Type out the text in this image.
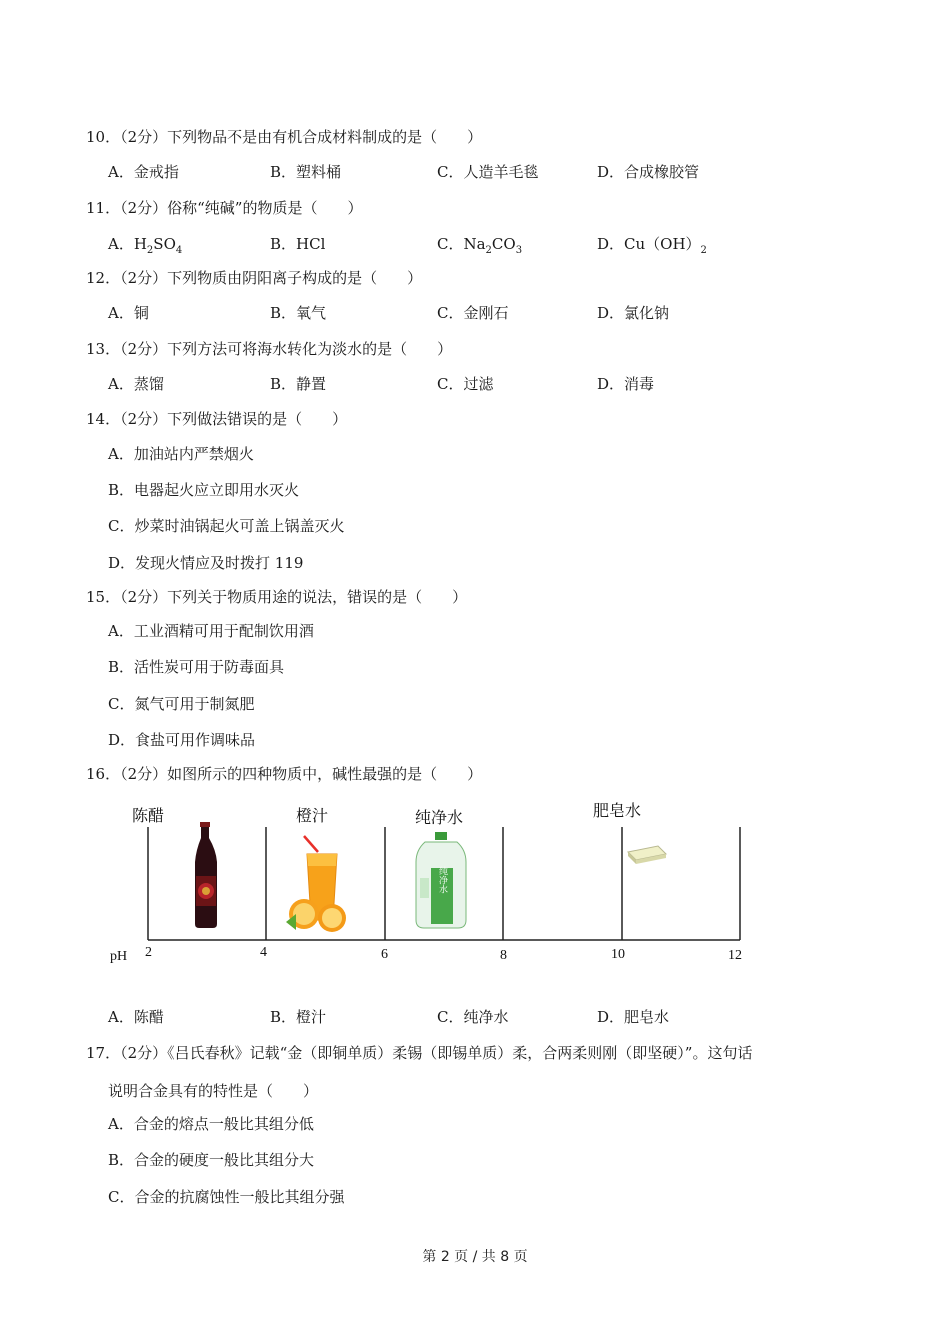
10．（2分）下列物品不是由有机合成材料制成的是（　　）
A．金戒指	B．塑料桶	C．人造羊毛毯	D．合成橡胶管
11．（2分）俗称“纯碱”的物质是（　　）
A．$H_2SO_4$	B．HCl	C．$Na_2CO_3$	D．$Cu(OH)_2$
12．（2分）下列物质由阴阳离子构成的是（　　）
A．铜	B．氧气	C．金刚石	D．氯化钠
13．（2分）下列方法可将海水转化为淡水的是（　　）
A．蒸馏	B．静置	C．过滤	D．消毒
14．（2分）下列做法错误的是（　　）
A．加油站内严禁烟火
B．电器起火应立即用水灭火
C．炒菜时油锅起火可盖上锅盖灭火
D．发现火情应及时拨打 119
15．（2分）下列关于物质用途的说法，错误的是（　　）
A．工业酒精可用于配制饮用酒
B．活性炭可用于防毒面具
C．氮气可用于制氮肥
D．食盐可用作调味品
16．（2分）如图所示的四种物质中，碱性最强的是（　　）
纯净水
陈醋	橙汁	纯净水	肥皂水
pH 2	4	6	8	10	12
A．陈醋	B．橙汁	C．纯净水	D．肥皂水
17．（2分）《吕氏春秋》记载“金（即铜单质）柔锡（即锡单质）柔，合两柔则刚（即坚硬）”。这句话
说明合金具有的特性是（　　）
A．合金的熔点一般比其组分低
B．合金的硬度一般比其组分大
C．合金的抗腐蚀性一般比其组分强
第 2 页 / 共 8 页
